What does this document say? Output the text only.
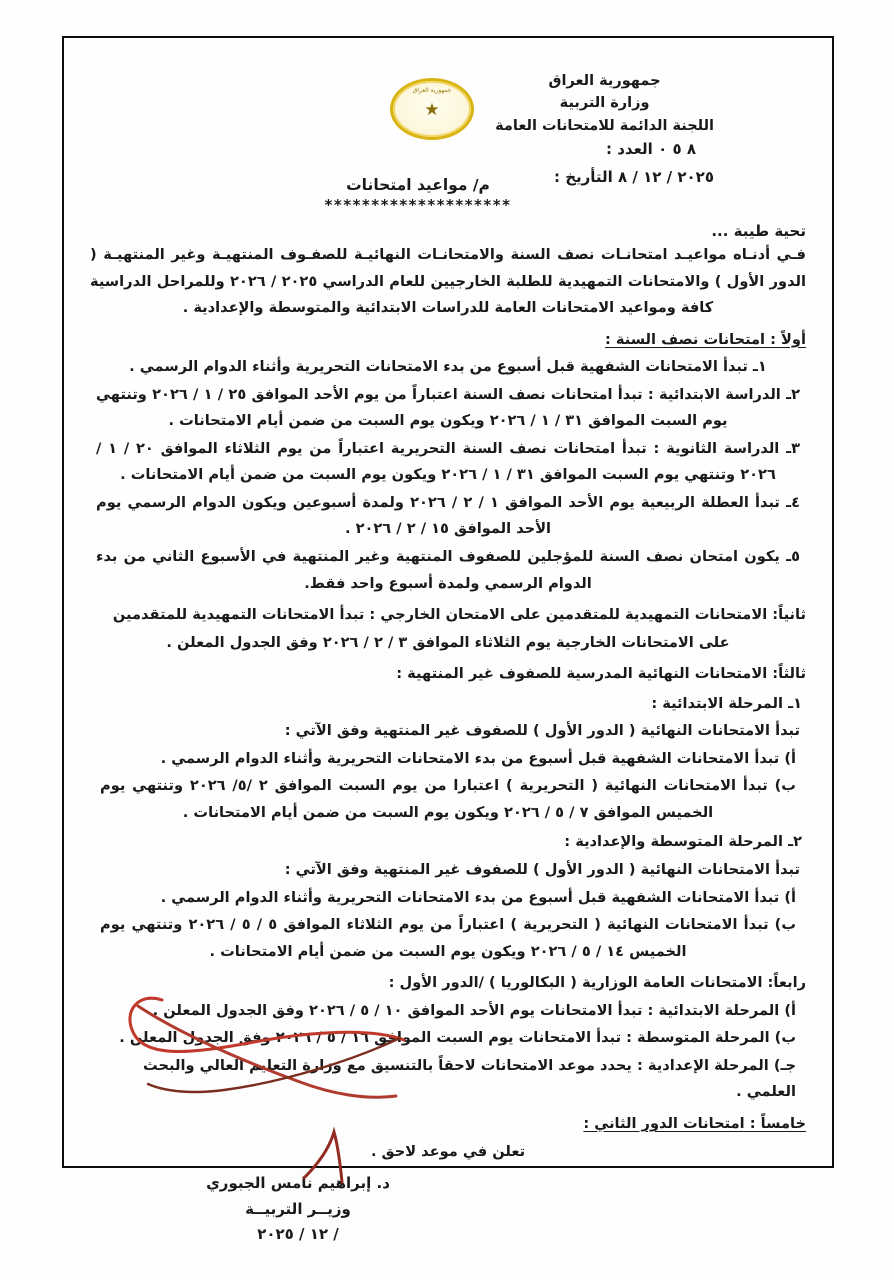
جمهورية العراق
وزارة التربية
اللجنة الدائمة للامتحانات العامة
٨ ٥ ٠ العدد :
٢٠٢٥ / ١٢ / ٨ التأريخ :
جمهورية العراق
★
م/ مواعيد امتحانات
********************
تحية طيبة ...

فـي أدنـاه مواعيـد امتحانـات نصف السنة والامتحانـات النهائيـة للصفـوف المنتهيـة وغير المنتهيـة ( الدور الأول ) والامتحانات التمهيدية للطلبة الخارجيين للعام الدراسي ٢٠٢٥ / ٢٠٢٦ وللمراحل الدراسية كافة ومواعيد الامتحانات العامة للدراسات الابتدائية والمتوسطة والإعدادية .

أولاً : امتحانات نصف السنة :

١ـ تبدأ الامتحانات الشفهية قبل أسبوع من بدء الامتحانات التحريرية وأثناء الدوام الرسمي .

٢ـ الدراسة الابتدائية : تبدأ امتحانات نصف السنة اعتباراً من يوم الأحد الموافق ٢٥ / ١ / ٢٠٢٦ وتنتهي يوم السبت الموافق ٣١ / ١ / ٢٠٢٦ ويكون يوم السبت من ضمن أيام الامتحانات .

٣ـ الدراسة الثانوية : تبدأ امتحانات نصف السنة التحريرية اعتباراً من يوم الثلاثاء الموافق ٢٠ / ١ / ٢٠٢٦ وتنتهي يوم السبت الموافق ٣١ / ١ / ٢٠٢٦ ويكون يوم السبت من ضمن أيام الامتحانات .

٤ـ تبدأ العطلة الربيعية يوم الأحد الموافق ١ / ٢ / ٢٠٢٦ ولمدة أسبوعين ويكون الدوام الرسمي يوم الأحد الموافق ١٥ / ٢ / ٢٠٢٦ .

٥ـ يكون امتحان نصف السنة للمؤجلين للصفوف المنتهية وغير المنتهية في الأسبوع الثاني من بدء الدوام الرسمي ولمدة أسبوع واحد فقط.

ثانياً: الامتحانات التمهيدية للمتقدمين على الامتحان الخارجي : تبدأ الامتحانات التمهيدية للمتقدمين

على الامتحانات الخارجية يوم الثلاثاء الموافق ٣ / ٢ / ٢٠٢٦ وفق الجدول المعلن .

ثالثاً: الامتحانات النهائية المدرسية للصفوف غير المنتهية :

١ـ المرحلة الابتدائية :

تبدأ الامتحانات النهائية ( الدور الأول ) للصفوف غير المنتهية وفق الآتي :

أ) تبدأ الامتحانات الشفهية قبل أسبوع من بدء الامتحانات التحريرية وأثناء الدوام الرسمي .

ب) تبدأ الامتحانات النهائية ( التحريرية ) اعتبارا من يوم السبت الموافق ٢ /٥/ ٢٠٢٦ وتنتهي يوم الخميس الموافق ٧ / ٥ / ٢٠٢٦ ويكون يوم السبت من ضمن أيام الامتحانات .

٢ـ المرحلة المتوسطة والإعدادية :

تبدأ الامتحانات النهائية ( الدور الأول ) للصفوف غير المنتهية وفق الآتي :

أ) تبدأ الامتحانات الشفهية قبل أسبوع من بدء الامتحانات التحريرية وأثناء الدوام الرسمي .

ب) تبدأ الامتحانات النهائية ( التحريرية ) اعتباراً من يوم الثلاثاء الموافق ٥ / ٥ / ٢٠٢٦ وتنتهي يوم الخميس ١٤ / ٥ / ٢٠٢٦ ويكون يوم السبت من ضمن أيام الامتحانات .

رابعاً: الامتحانات العامة الوزارية ( البكالوريا ) /الدور الأول :

أ) المرحلة الابتدائية : تبدأ الامتحانات يوم الأحد الموافق ١٠ / ٥ / ٢٠٢٦ وفق الجدول المعلن .

ب) المرحلة المتوسطة : تبدأ الامتحانات يوم السبت الموافق ١٦ / ٥ / ٢٠٢٦ وفق الجدول المعلن .

جـ) المرحلة الإعدادية : يحدد موعد الامتحانات لاحقاً بالتنسيق مع وزارة التعليم العالي والبحث العلمي .

خامساً : امتحانات الدور الثاني :

تعلن في موعد لاحق .

د. إبراهيم نامس الجبوري
وزيــر التربيــة
/ ١٢ / ٢٠٢٥
